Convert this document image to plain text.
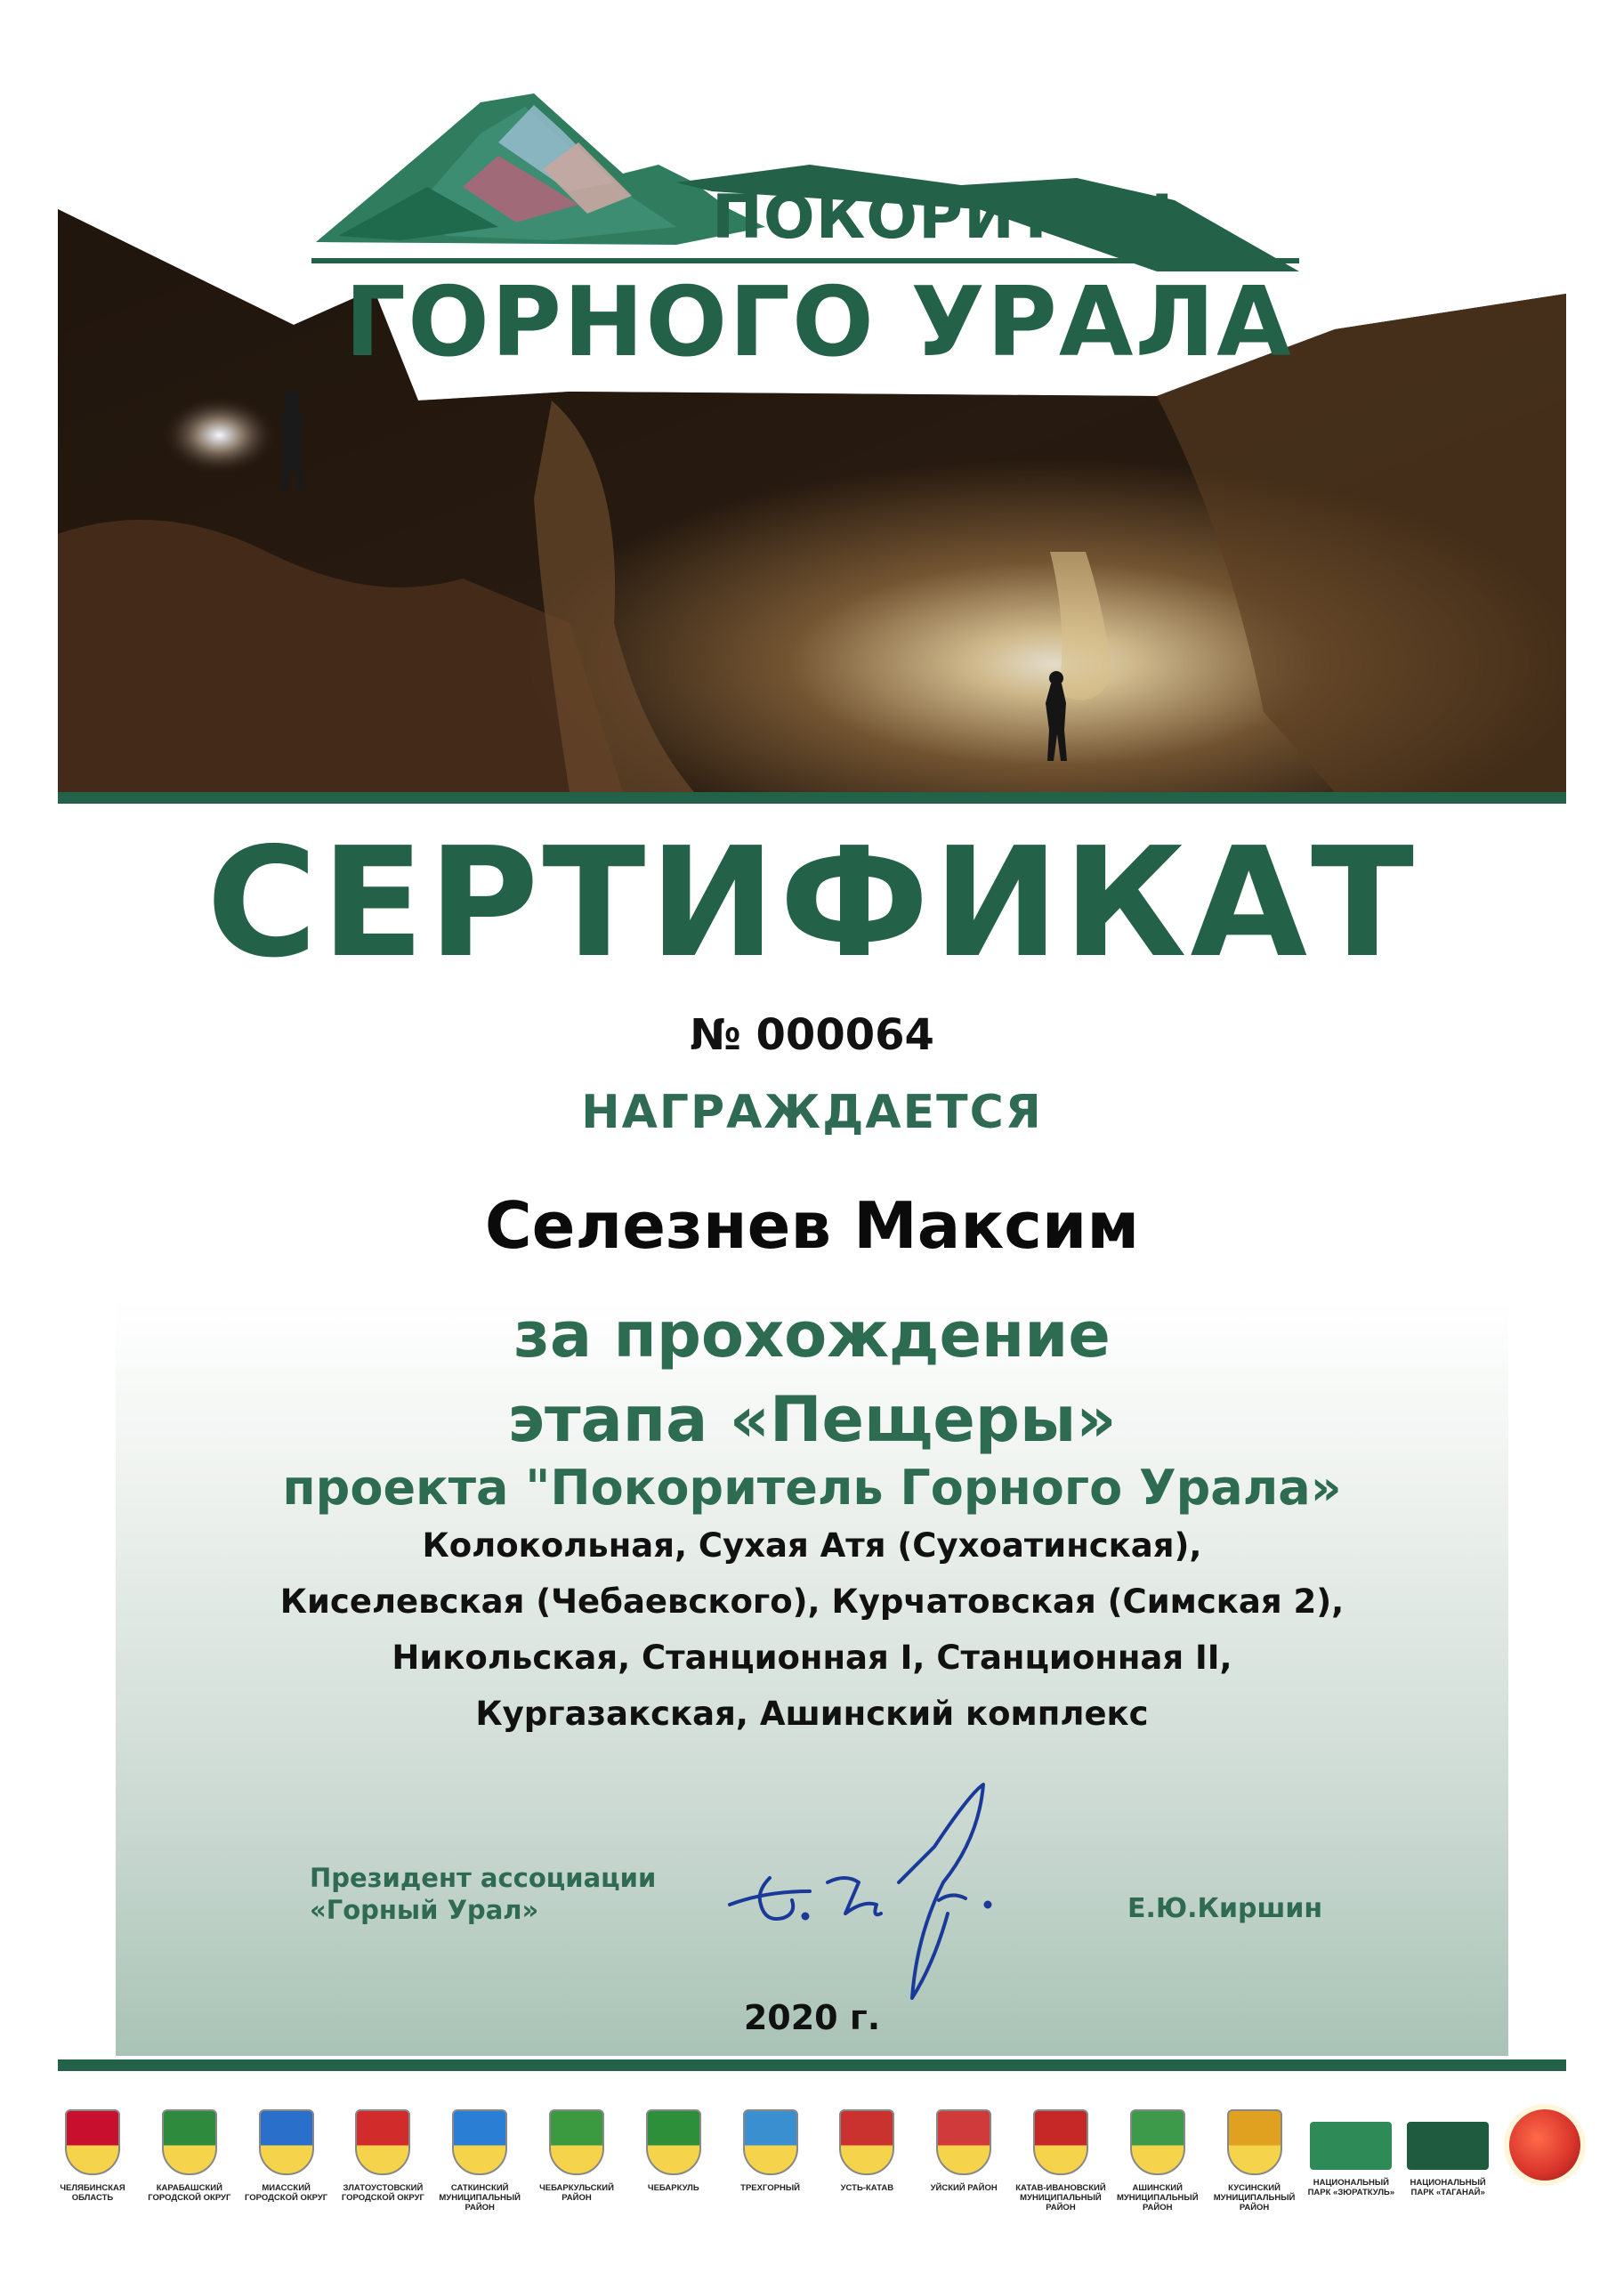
ПОКОРИТЕЛЬ
ГОРНОГО УРАЛА
СЕРТИФИКАТ
№ 000064
НАГРАЖДАЕТСЯ
Селезнев Максим
за прохождение
этапа «Пещеры»
проекта "Покоритель Горного Урала»
Колокольная, Сухая Атя (Сухоатинская),
Киселевская (Чебаевского), Курчатовская (Симская 2),
Никольская, Станционная I, Станционная II,
Кургазакская, Ашинский комплекс
Президент ассоциации
«Горный Урал»	Е.Ю.Киршин
2020 г.
ЧЕЛЯБИНСКАЯ ОБЛАСТЬ
КАРАБАШСКИЙ ГОРОДСКОЙ ОКРУГ
МИАССКИЙ ГОРОДСКОЙ ОКРУГ
ЗЛАТОУСТОВСКИЙ ГОРОДСКОЙ ОКРУГ
САТКИНСКИЙ МУНИЦИПАЛЬНЫЙ РАЙОН
ЧЕБАРКУЛЬСКИЙ РАЙОН
ЧЕБАРКУЛЬ	ТРЕХГОРНЫЙ	УСТЬ-КАТАВ	УЙСКИЙ РАЙОН	КАТАВ-ИВАНОВСКИЙ МУНИЦИПАЛЬНЫЙ РАЙОН
АШИНСКИЙ МУНИЦИПАЛЬНЫЙ РАЙОН
КУСИНСКИЙ МУНИЦИПАЛЬНЫЙ РАЙОН
НАЦИОНАЛЬНЫЙ ПАРК «ЗЮРАТКУЛЬ»
НАЦИОНАЛЬНЫЙ ПАРК «ТАГАНАЙ»
